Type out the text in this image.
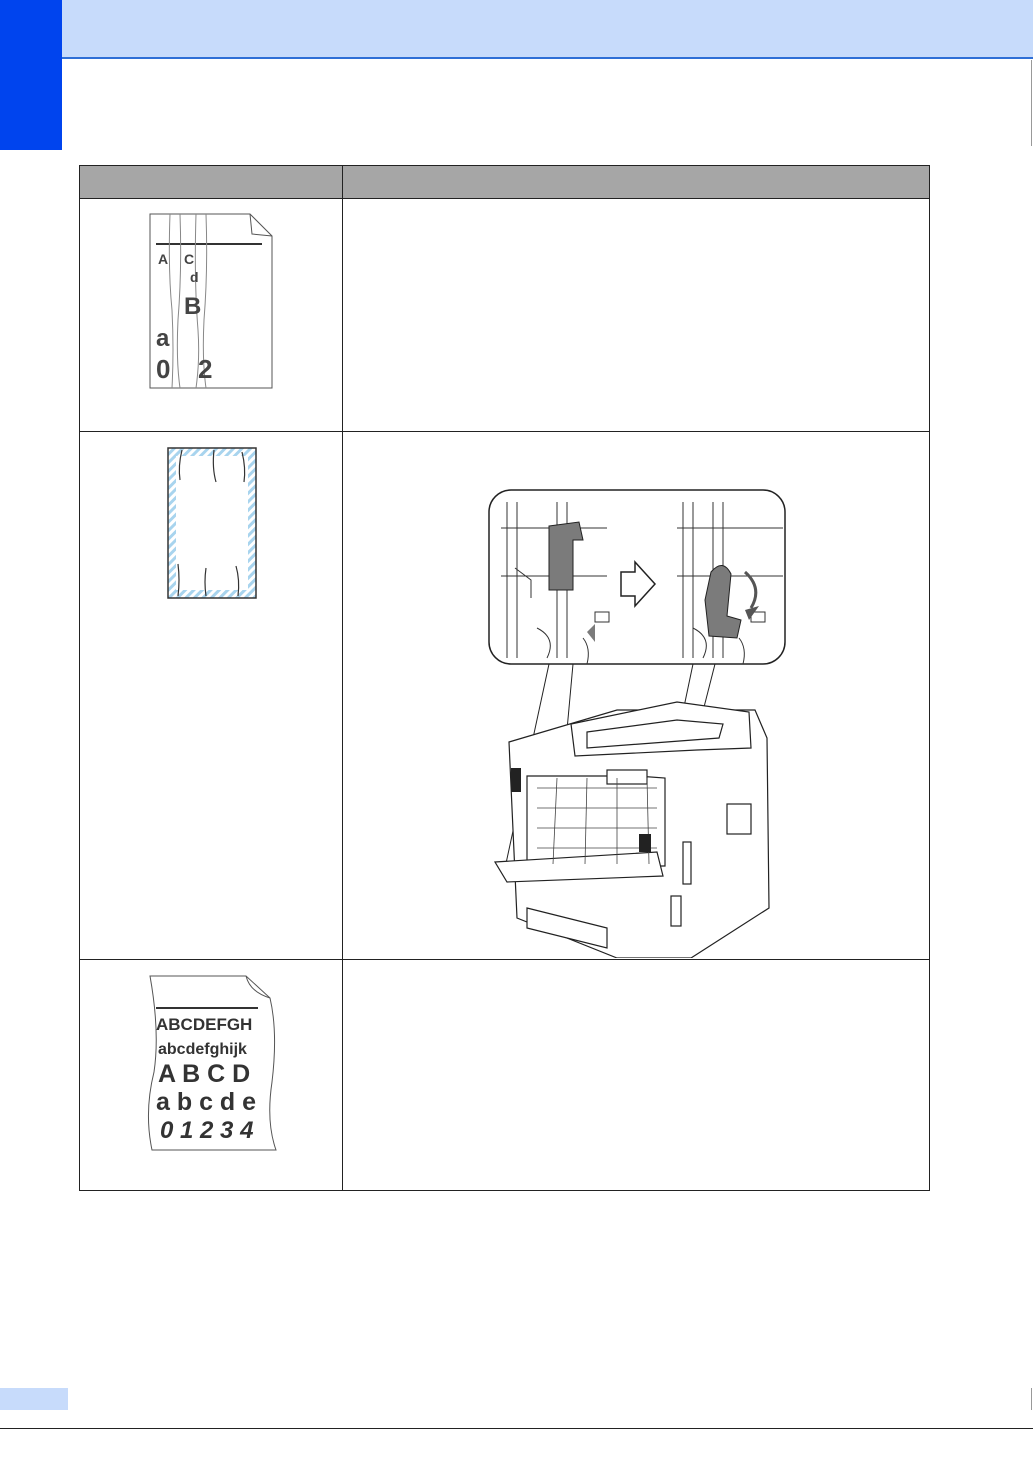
A C
d
B
a
0 2
ABCDEFGH
abcdefghijk
A B C D
a b c d e
0 1 2 3 4
